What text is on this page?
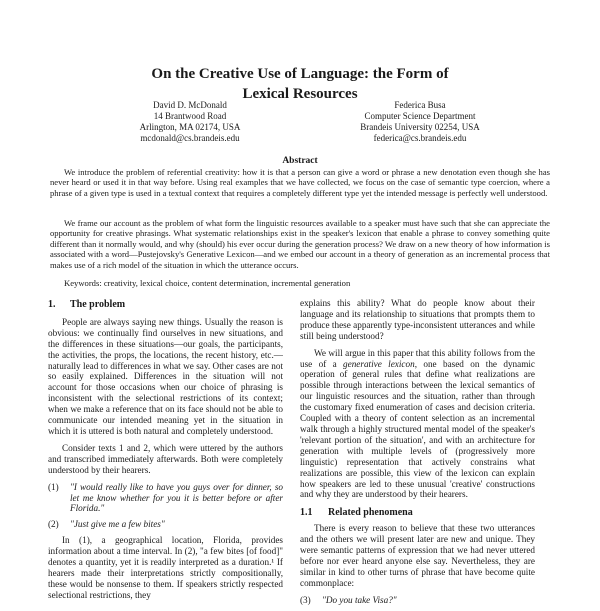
On the Creative Use of Language: the Form of
Lexical Resources
David D. McDonald
14 Brantwood Road
Arlington, MA 02174, USA
mcdonald@cs.brandeis.edu
Federica Busa
Computer Science Department
Brandeis University 02254, USA
federica@cs.brandeis.edu
Abstract
We introduce the problem of referential creativity: how it is that a person can give a word or phrase a new denotation even though she has never heard or used it in that way before. Using real examples that we have collected, we focus on the case of semantic type coercion, where a phrase of a given type is used in a textual context that requires a completely different type yet the intended message is perfectly well understood.
We frame our account as the problem of what form the linguistic resources available to a speaker must have such that she can appreciate the opportunity for creative phrasings. What systematic relationships exist in the speaker's lexicon that enable a phrase to convey something quite different than it normally would, and why (should) his ever occur during the generation process? We draw on a new theory of how information is associated with a word—Pustejovsky's Generative Lexicon—and we embed our account in a theory of generation as an incremental process that makes use of a rich model of the situation in which the utterance occurs.
Keywords: creativity, lexical choice, content determination, incremental generation
1. The problem
People are always saying new things. Usually the reason is obvious: we continually find ourselves in new situations, and the differences in these situations—our goals, the participants, the activities, the props, the locations, the recent history, etc.—naturally lead to differences in what we say. Other cases are not so easily explained. Differences in the situation will not account for those occasions when our choice of phrasing is inconsistent with the selectional restrictions of its context; when we make a reference that on its face should not be able to communicate our intended meaning yet in the situation in which it is uttered is both natural and completely understood.
Consider texts 1 and 2, which were uttered by the authors and transcribed immediately afterwards. Both were completely understood by their hearers.
(1)	"I would really like to have you guys over for dinner, so let me know whether for you it is better before or after Florida."
(2)	"Just give me a few bites"
In (1), a geographical location, Florida, provides information about a time interval. In (2), "a few bites [of food]" denotes a quantity, yet it is readily interpreted as a duration.¹ If hearers made their interpretations strictly compositionally, these would be nonsense to them. If speakers strictly respected selectional restrictions, they
explains this ability? What do people know about their language and its relationship to situations that prompts them to produce these apparently type-inconsistent utterances and while still being understood?
We will argue in this paper that this ability follows from the use of a generative lexicon, one based on the dynamic operation of general rules that define what realizations are possible through interactions between the lexical semantics of our linguistic resources and the situation, rather than through the customary fixed enumeration of cases and decision criteria. Coupled with a theory of content selection as an incremental walk through a highly structured mental model of the speaker's 'relevant portion of the situation', and with an architecture for generation with multiple levels of (progressively more linguistic) representation that actively constrains what realizations are possible, this view of the lexicon can explain how speakers are led to these unusual 'creative' constructions and why they are understood by their hearers.
1.1 Related phenomena
There is every reason to believe that these two utterances and the others we will present later are new and unique. They were semantic patterns of expression that we had never uttered before nor ever heard anyone else say. Nevertheless, they are similar in kind to other turns of phrase that have become quite commonplace:
(3)	"Do you take Visa?"
